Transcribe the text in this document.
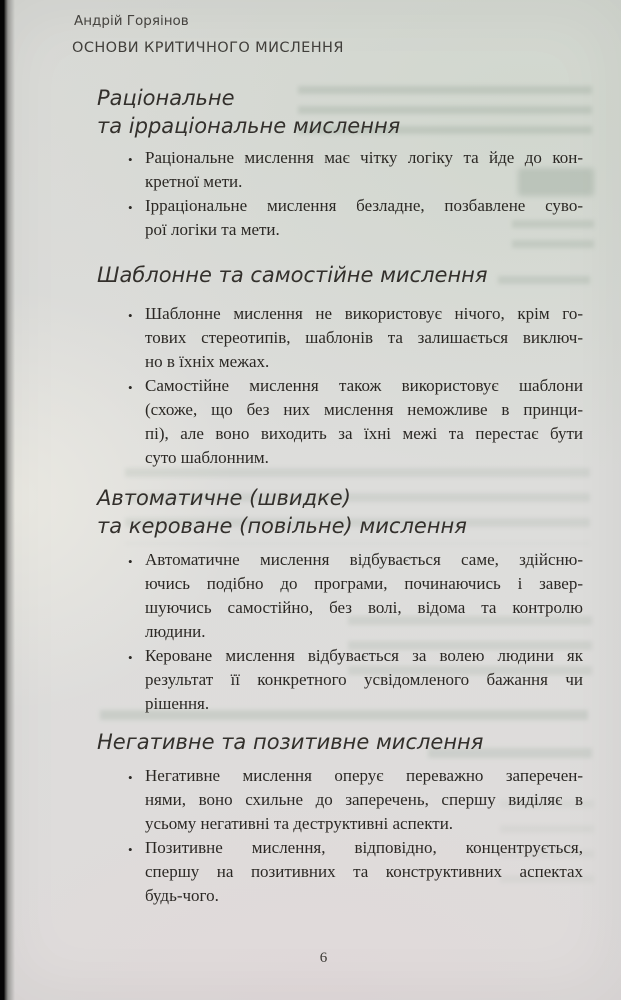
Андрій Горяінов
ОСНОВИ КРИТИЧНОГО МИСЛЕННЯ
Раціональне
та ірраціональне мислення
• Раціональне мислення має чітку логіку та йде до кон-
кретної мети.
• Ірраціональне мислення безладне, позбавлене суво-
рої логіки та мети.
Шаблонне та самостійне мислення
• Шаблонне мислення не використовує нічого, крім го-
тових стереотипів, шаблонів та залишається виключ-
но в їхніх межах.
• Самостійне мислення також використовує шаблони
(схоже, що без них мислення неможливе в принци-
пі), але воно виходить за їхні межі та перестає бути
суто шаблонним.
Автоматичне (швидке)
та кероване (повільне) мислення
• Автоматичне мислення відбувається саме, здійсню-
ючись подібно до програми, починаючись і завер-
шуючись самостійно, без волі, відома та контролю
людини.
• Кероване мислення відбувається за волею людини як
результат її конкретного усвідомленого бажання чи
рішення.
Негативне та позитивне мислення
• Негативне мислення оперує переважно заперечен-
нями, воно схильне до заперечень, спершу виділяє в
усьому негативні та деструктивні аспекти.
• Позитивне мислення, відповідно, концентрується,
спершу на позитивних та конструктивних аспектах
будь-чого.
6
